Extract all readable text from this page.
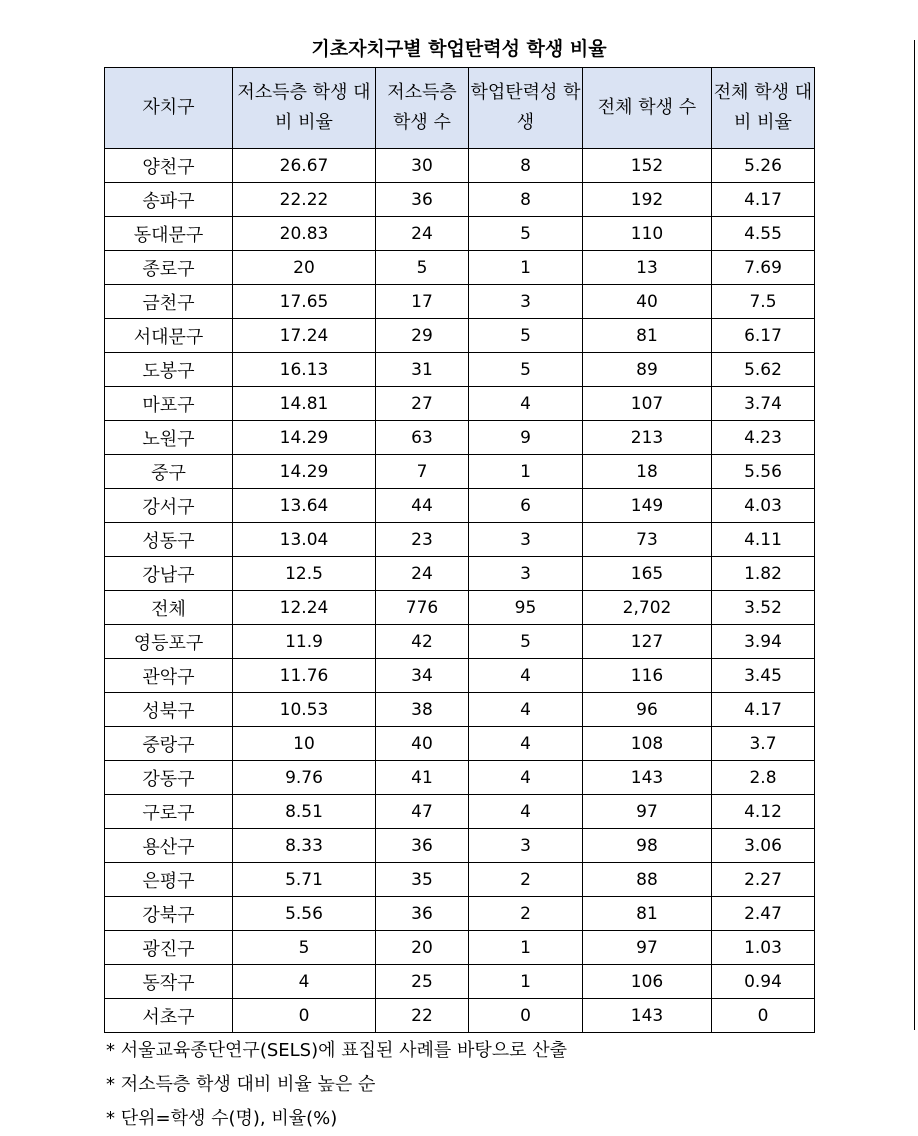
기초자치구별 학업탄력성 학생 비율
자치구	저소득층 학생 대비 비율	저소득층 학생 수	학업탄력성 학생	전체 학생 수	전체 학생 대비 비율
양천구	26.67	30	8	152	5.26
송파구	22.22	36	8	192	4.17
동대문구	20.83	24	5	110	4.55
종로구	20	5	1	13	7.69
금천구	17.65	17	3	40	7.5
서대문구	17.24	29	5	81	6.17
도봉구	16.13	31	5	89	5.62
마포구	14.81	27	4	107	3.74
노원구	14.29	63	9	213	4.23
중구	14.29	7	1	18	5.56
강서구	13.64	44	6	149	4.03
성동구	13.04	23	3	73	4.11
강남구	12.5	24	3	165	1.82
전체	12.24	776	95	2,702	3.52
영등포구	11.9	42	5	127	3.94
관악구	11.76	34	4	116	3.45
성북구	10.53	38	4	96	4.17
중랑구	10	40	4	108	3.7
강동구	9.76	41	4	143	2.8
구로구	8.51	47	4	97	4.12
용산구	8.33	36	3	98	3.06
은평구	5.71	35	2	88	2.27
강북구	5.56	36	2	81	2.47
광진구	5	20	1	97	1.03
동작구	4	25	1	106	0.94
서초구	0	22	0	143	0
* 서울교육종단연구(SELS)에 표집된 사례를 바탕으로 산출
* 저소득층 학생 대비 비율 높은 순
* 단위=학생 수(명), 비율(%)
